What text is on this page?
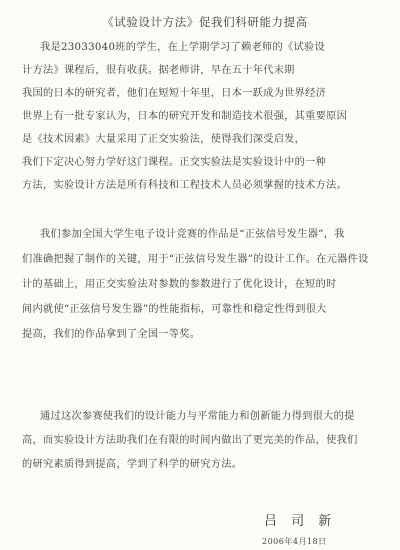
《试验设计方法》促我们科研能力提高
我是23033040班的学生，在上学期学习了赖老师的《试验设
计方法》课程后，很有收获。据老师讲，早在五十年代末期
我国的日本的研究者，他们在短短十年里，日本一跃成为世界经济
世界上有一批专家认为，日本的研究开发和制造技术很强，其重要原因
是《技术因素》大量采用了正交实验法，使得我们深受启发，
我们下定决心努力学好这门课程。正交实验法是实验设计中的一种
方法，实验设计方法是所有科技和工程技术人员必须掌握的技术方法。
我们参加全国大学生电子设计竞赛的作品是“正弦信号发生器”，我
们准确把握了制作的关键，用于“正弦信号发生器”的设计工作。在元器件设
计的基础上，用正交实验法对参数的参数进行了优化设计，在短的时
间内就使“正弦信号发生器”的性能指标，可靠性和稳定性得到很大
提高，我们的作品拿到了全国一等奖。
通过这次参赛使我们的设计能力与平常能力和创新能力得到很大的提
高，而实验设计方法助我们在有限的时间内做出了更完美的作品，使我们
的研究素质得到提高，学到了科学的研究方法。
吕 司 新
2006年4月18日
